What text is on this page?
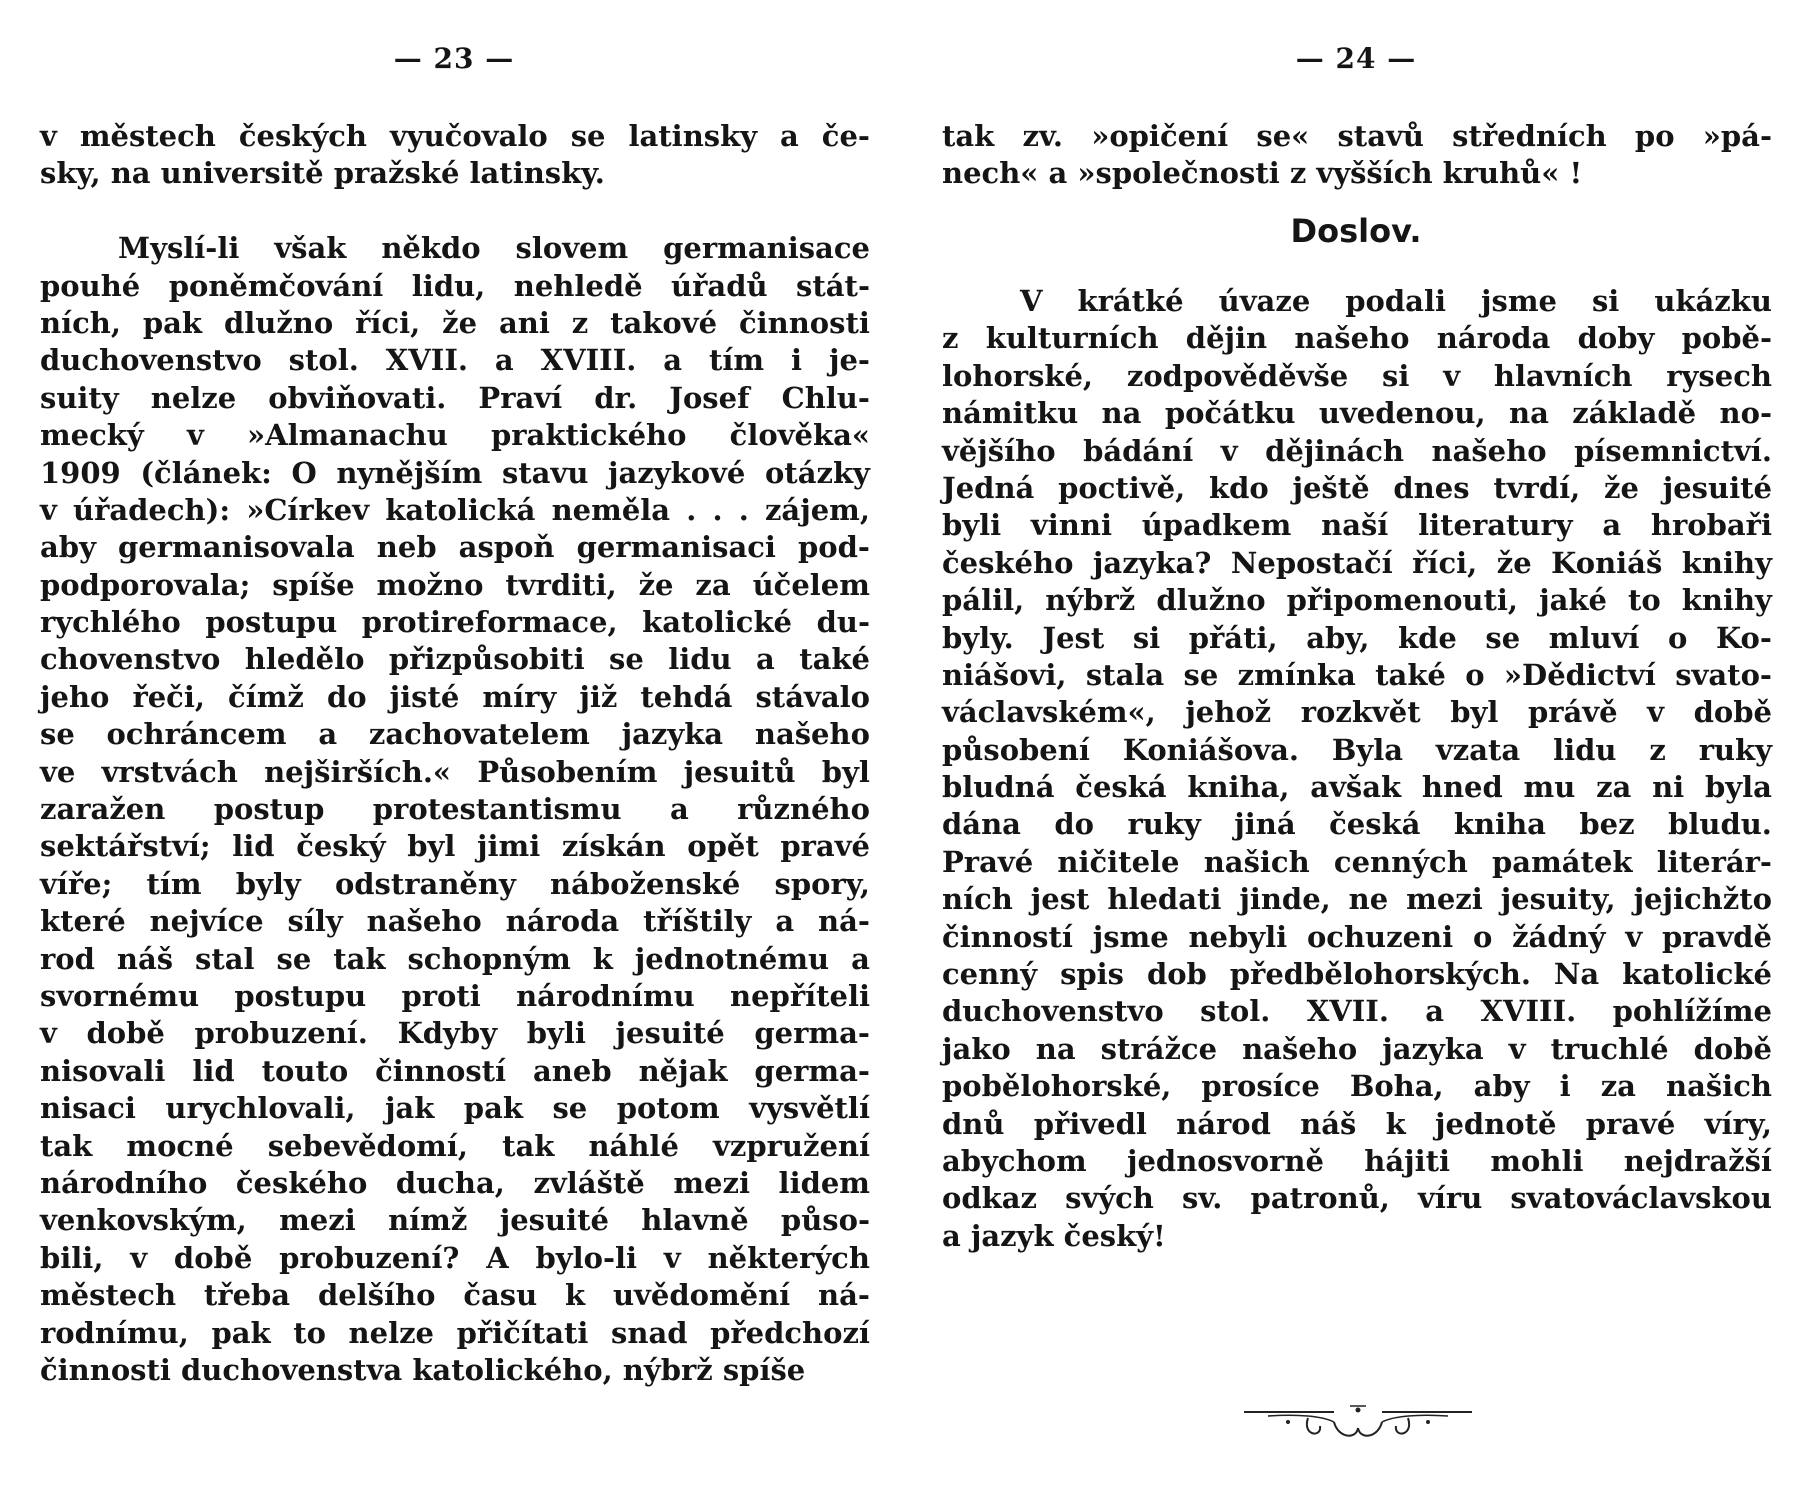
— 23 —
v městech českých vyučovalo se latinsky a če-
sky, na universitě pražské latinsky.
Myslí-li však někdo slovem germanisace
pouhé poněmčování lidu, nehledě úřadů stát-
ních, pak dlužno říci, že ani z takové činnosti
duchovenstvo stol. XVII. a XVIII. a tím i je-
suity nelze obviňovati. Praví dr. Josef Chlu-
mecký v »Almanachu praktického člověka«
1909 (článek: O nynějším stavu jazykové otázky
v úřadech): »Církev katolická neměla . . . zájem,
aby germanisovala neb aspoň germanisaci pod-
podporovala; spíše možno tvrditi, že za účelem
rychlého postupu protireformace, katolické du-
chovenstvo hledělo přizpůsobiti se lidu a také
jeho řeči, čímž do jisté míry již tehdá stávalo
se ochráncem a zachovatelem jazyka našeho
ve vrstvách nejširších.« Působením jesuitů byl
zaražen postup protestantismu a různého
sektářství; lid český byl jimi získán opět pravé
víře; tím byly odstraněny náboženské spory,
které nejvíce síly našeho národa tříštily a ná-
rod náš stal se tak schopným k jednotnému a
svornému postupu proti národnímu nepříteli
v době probuzení. Kdyby byli jesuité germa-
nisovali lid touto činností aneb nějak germa-
nisaci urychlovali, jak pak se potom vysvětlí
tak mocné sebevědomí, tak náhlé vzpružení
národního českého ducha, zvláště mezi lidem
venkovským, mezi nímž jesuité hlavně půso-
bili, v době probuzení? A bylo-li v některých
městech třeba delšího času k uvědomění ná-
rodnímu, pak to nelze přičítati snad předchozí
činnosti duchovenstva katolického, nýbrž spíše
— 24 —
tak zv. »opičení se« stavů středních po »pá-
nech« a »společnosti z vyšších kruhů« !
Doslov.
V krátké úvaze podali jsme si ukázku
z kulturních dějin našeho národa doby pobě-
lohorské, zodpověděvše si v hlavních rysech
námitku na počátku uvedenou, na základě no-
vějšího bádání v dějinách našeho písemnictví.
Jedná poctivě, kdo ještě dnes tvrdí, že jesuité
byli vinni úpadkem naší literatury a hrobaři
českého jazyka? Nepostačí říci, že Koniáš knihy
pálil, nýbrž dlužno připomenouti, jaké to knihy
byly. Jest si přáti, aby, kde se mluví o Ko-
niášovi, stala se zmínka také o »Dědictví svato-
václavském«, jehož rozkvět byl právě v době
působení Koniášova. Byla vzata lidu z ruky
bludná česká kniha, avšak hned mu za ni byla
dána do ruky jiná česká kniha bez bludu.
Pravé ničitele našich cenných památek literár-
ních jest hledati jinde, ne mezi jesuity, jejichžto
činností jsme nebyli ochuzeni o žádný v pravdě
cenný spis dob předbělohorských. Na katolické
duchovenstvo stol. XVII. a XVIII. pohlížíme
jako na strážce našeho jazyka v truchlé době
pobělohorské, prosíce Boha, aby i za našich
dnů přivedl národ náš k jednotě pravé víry,
abychom jednosvorně hájiti mohli nejdražší
odkaz svých sv. patronů, víru svatováclavskou
a jazyk český!
